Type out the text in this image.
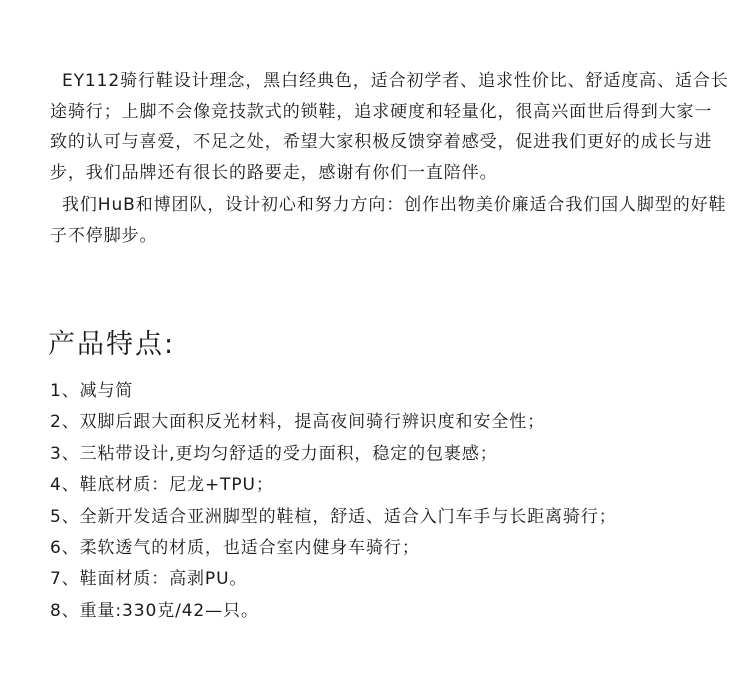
EY112骑行鞋设计理念，黑白经典色，适合初学者、追求性价比、舒适度高、适合长途骑行；上脚不会像竞技款式的锁鞋，追求硬度和轻量化，很高兴面世后得到大家一致的认可与喜爱，不足之处，希望大家积极反馈穿着感受，促进我们更好的成长与进步，我们品牌还有很长的路要走，感谢有你们一直陪伴。

我们HuB和博团队，设计初心和努力方向：创作出物美价廉适合我们国人脚型的好鞋子不停脚步。

产品特点:
1、减与简
2、双脚后跟大面积反光材料，提高夜间骑行辨识度和安全性；
3、三粘带设计,更均匀舒适的受力面积，稳定的包裹感；
4、鞋底材质：尼龙+TPU；
5、全新开发适合亚洲脚型的鞋楦，舒适、适合入门车手与长距离骑行；
6、柔软透气的材质，也适合室内健身车骑行；
7、鞋面材质：高剥PU。
8、重量:330克/42—只。
